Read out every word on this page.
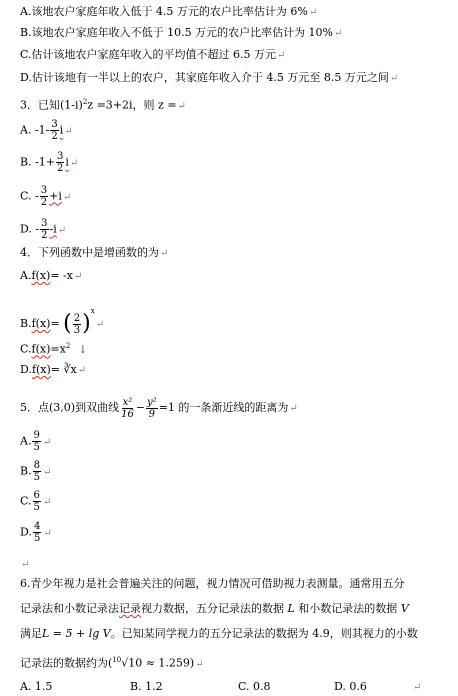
A.该地农户家庭年收入低于 4.5 万元的农户比率估计为 6%↵
B.该地农户家庭年收入不低于 10.5 万元的农户比率估计为 10%↵
C.估计该地农户家庭年收入的平均值不超过 6.5 万元↵
D.估计该地有一半以上的农户，其家庭年收入介于 4.5 万元至 8.5 万元之间↵
3．已知$(1-i)^2z =3+2i$，则 z =↵
A. $-1- \frac{3}{2}$ i↵
B. $-1+ \frac{3}{2}$ i↵
C. - $\frac{3}{2}$ +i↵
D. - $\frac{3}{2}$ -i↵
4．下列函数中是增函数的为↵
A.f(x)= -x↵
B.f(x)= ( $\frac{2}{3}$ )$^x$↵
$C.f(x)=x^2$ ↓
D.f(x)= ∛x↵
5．点(3,0)到双曲线 $\frac{\text{x²}}{16} - \frac{\text{y²}}{9} =1$ 的一条渐近线的距离为↵
A. $\frac{9}{5}$ ↵
B. $\frac{8}{5}$ ↵
C. $\frac{6}{5}$ ↵
D. $\frac{4}{5}$ ↵
↵
6.青少年视力是社会普遍关注的问题，视力情况可借助视力表测量。通常用五分
记录法和小数记录法记录视力数据，五分记录法的数据 L 和小数记录法的数据 V
满足L = 5 + lg V。已知某同学视力的五分记录法的数据为 4.9，则其视力的小数
记录法的数据约为($^{10}$√10 ≈ 1.259)↵
A. 1.5	B. 1.2	C. 0.8	D. 0.6	↵
